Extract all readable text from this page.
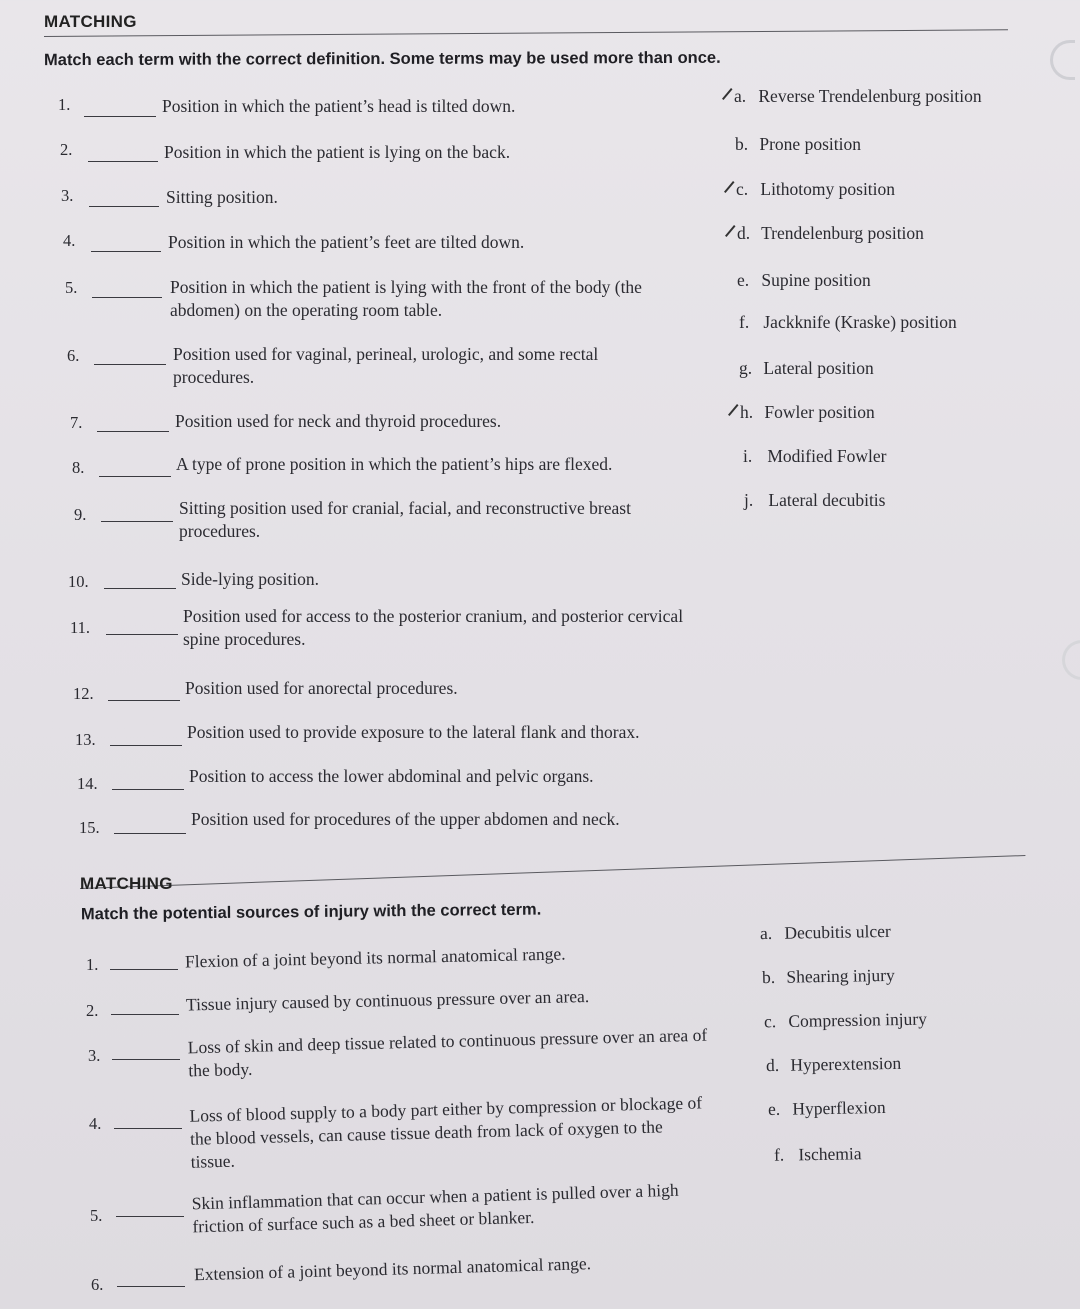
MATCHING
Match each term with the correct definition. Some terms may be used more than once.
1.	Position in which the patient’s head is tilted down.
2.	Position in which the patient is lying on the back.
3.	Sitting position.
4.	Position in which the patient’s feet are tilted down.
5.	Position in which the patient is lying with the front of the body (the abdomen) on the operating room table.
6.	Position used for vaginal, perineal, urologic, and some rectal procedures.
7.	Position used for neck and thyroid procedures.
8.	A type of prone position in which the patient’s hips are flexed.
9.	Sitting position used for cranial, facial, and reconstructive breast procedures.
10.	Side-lying position.
11.
Position used for access to the posterior cranium, and posterior cervical spine procedures.
12.	Position used for anorectal procedures.
13.	Position used to provide exposure to the lateral flank and thorax.
14.	Position to access the lower abdominal and pelvic organs.
15.	Position used for procedures of the upper abdomen and neck.
a. Reverse Trendelenburg position
b. Prone position
c. Lithotomy position
d. Trendelenburg position
e. Supine position
f. Jackknife (Kraske) position
g. Lateral position
h. Fowler position
i. Modified Fowler
j. Lateral decubitis
MATCHING
Match the potential sources of injury with the correct term.
1.	Flexion of a joint beyond its normal anatomical range.
2.	Tissue injury caused by continuous pressure over an area.
3.	Loss of skin and deep tissue related to continuous pressure over an area of the body.
4.	Loss of blood supply to a body part either by compression or blockage of the blood vessels, can cause tissue death from lack of oxygen to the tissue.
5.
Skin inflammation that can occur when a patient is pulled over a high friction of surface such as a bed sheet or blanker.
6.
Extension of a joint beyond its normal anatomical range.
a. Decubitis ulcer
b. Shearing injury
c. Compression injury
d. Hyperextension
e. Hyperflexion
f. Ischemia
